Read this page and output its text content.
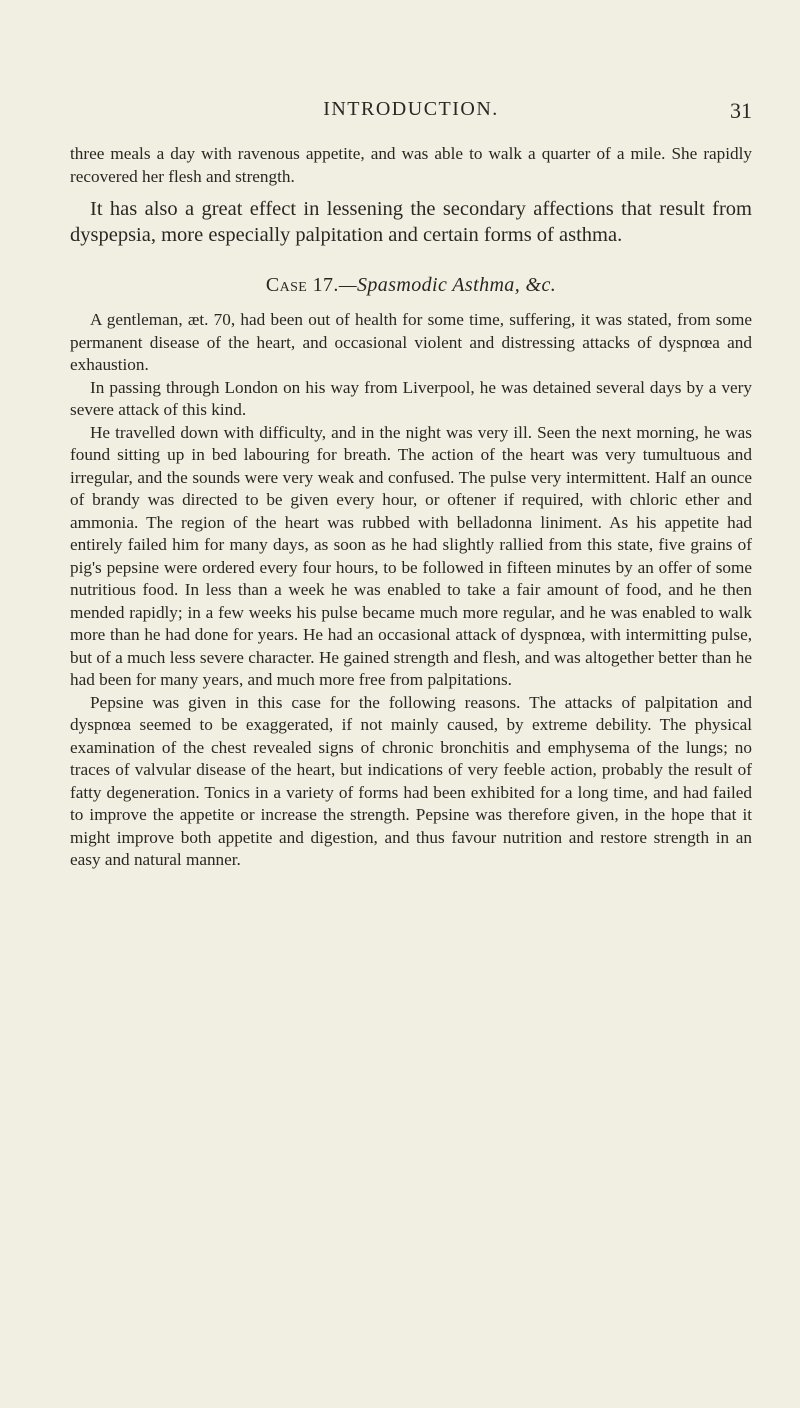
INTRODUCTION.	31

three meals a day with ravenous appetite, and was able to walk a quarter of a mile. She rapidly recovered her flesh and strength.

It has also a great effect in lessening the secondary affections that result from dyspepsia, more especially palpitation and certain forms of asthma.

Case 17.—Spasmodic Asthma, &c.

A gentleman, æt. 70, had been out of health for some time, suffering, it was stated, from some permanent disease of the heart, and occasional violent and distressing attacks of dyspnœa and exhaustion.

In passing through London on his way from Liverpool, he was detained several days by a very severe attack of this kind.

He travelled down with difficulty, and in the night was very ill. Seen the next morning, he was found sitting up in bed labouring for breath. The action of the heart was very tumultuous and irregular, and the sounds were very weak and confused. The pulse very intermittent. Half an ounce of brandy was directed to be given every hour, or oftener if required, with chloric ether and ammonia. The region of the heart was rubbed with belladonna liniment. As his appetite had entirely failed him for many days, as soon as he had slightly rallied from this state, five grains of pig's pepsine were ordered every four hours, to be followed in fifteen minutes by an offer of some nutritious food. In less than a week he was enabled to take a fair amount of food, and he then mended rapidly; in a few weeks his pulse became much more regular, and he was enabled to walk more than he had done for years. He had an occasional attack of dyspnœa, with intermitting pulse, but of a much less severe character. He gained strength and flesh, and was altogether better than he had been for many years, and much more free from palpitations.

Pepsine was given in this case for the following reasons. The attacks of palpitation and dyspnœa seemed to be exaggerated, if not mainly caused, by extreme debility. The physical examination of the chest revealed signs of chronic bronchitis and emphysema of the lungs; no traces of valvular disease of the heart, but indications of very feeble action, probably the result of fatty degeneration. Tonics in a variety of forms had been exhibited for a long time, and had failed to improve the appetite or increase the strength. Pepsine was therefore given, in the hope that it might improve both appetite and digestion, and thus favour nutrition and restore strength in an easy and natural manner.
